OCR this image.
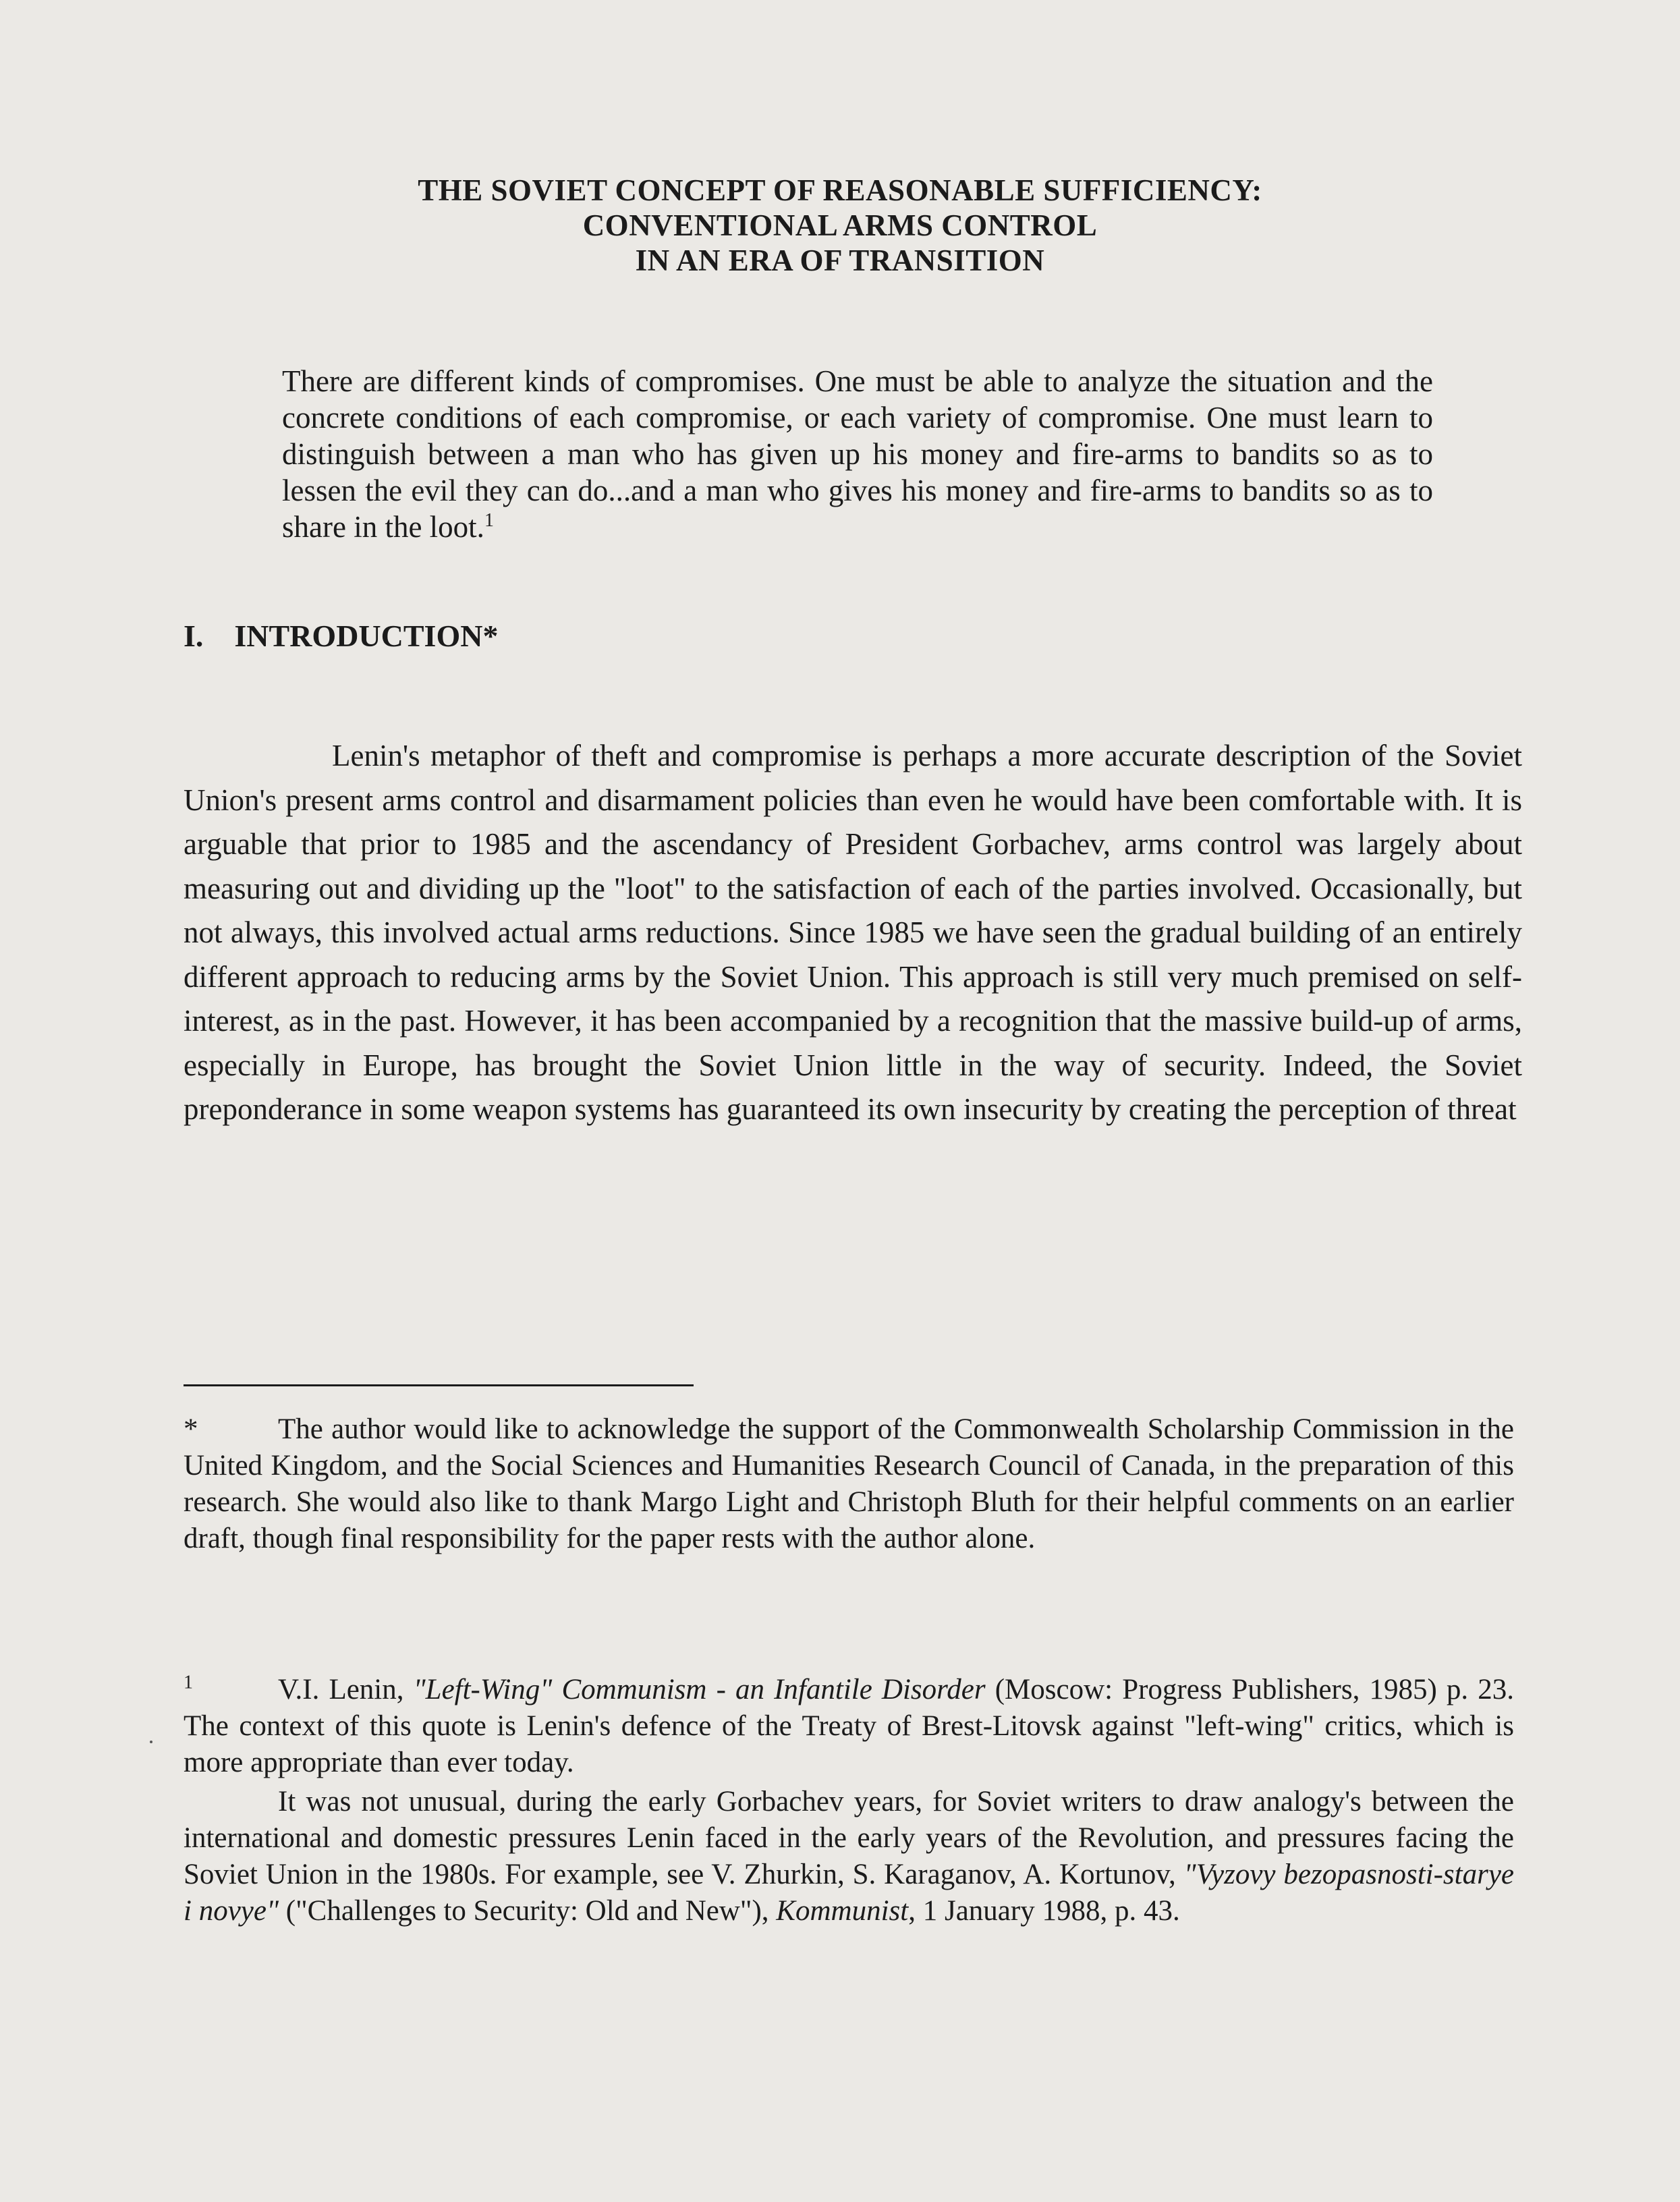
THE SOVIET CONCEPT OF REASONABLE SUFFICIENCY:
CONVENTIONAL ARMS CONTROL
IN AN ERA OF TRANSITION
There are different kinds of compromises. One must be able to analyze the situation and the concrete conditions of each compromise, or each variety of compromise. One must learn to distinguish between a man who has given up his money and fire-arms to bandits so as to lessen the evil they can do...and a man who gives his money and fire-arms to bandits so as to share in the loot.$^1$
I. INTRODUCTION*
Lenin's metaphor of theft and compromise is perhaps a more accurate description of the Soviet Union's present arms control and disarmament policies than even he would have been comfortable with. It is arguable that prior to 1985 and the ascendancy of President Gorbachev, arms control was largely about measuring out and dividing up the "loot" to the satisfaction of each of the parties involved. Occasionally, but not always, this involved actual arms reductions. Since 1985 we have seen the gradual building of an entirely different approach to reducing arms by the Soviet Union. This approach is still very much premised on self-interest, as in the past. However, it has been accompanied by a recognition that the massive build-up of arms, especially in Europe, has brought the Soviet Union little in the way of security. Indeed, the Soviet preponderance in some weapon systems has guaranteed its own insecurity by creating the perception of threat
*	The author would like to acknowledge the support of the Commonwealth Scholarship Commission in the United Kingdom, and the Social Sciences and Humanities Research Council of Canada, in the preparation of this research. She would also like to thank Margo Light and Christoph Bluth for their helpful comments on an earlier draft, though final responsibility for the paper rests with the author alone.
$^1$	V.I. Lenin, "Left-Wing" Communism - an Infantile Disorder (Moscow: Progress Publishers, 1985) p. 23. The context of this quote is Lenin's defence of the Treaty of Brest-Litovsk against "left-wing" critics, which is more appropriate than ever today.
It was not unusual, during the early Gorbachev years, for Soviet writers to draw analogy's between the international and domestic pressures Lenin faced in the early years of the Revolution, and pressures facing the Soviet Union in the 1980s. For example, see V. Zhurkin, S. Karaganov, A. Kortunov, "Vyzovy bezopasnosti-starye i novye" ("Challenges to Security: Old and New"), Kommunist, 1 January 1988, p. 43.
